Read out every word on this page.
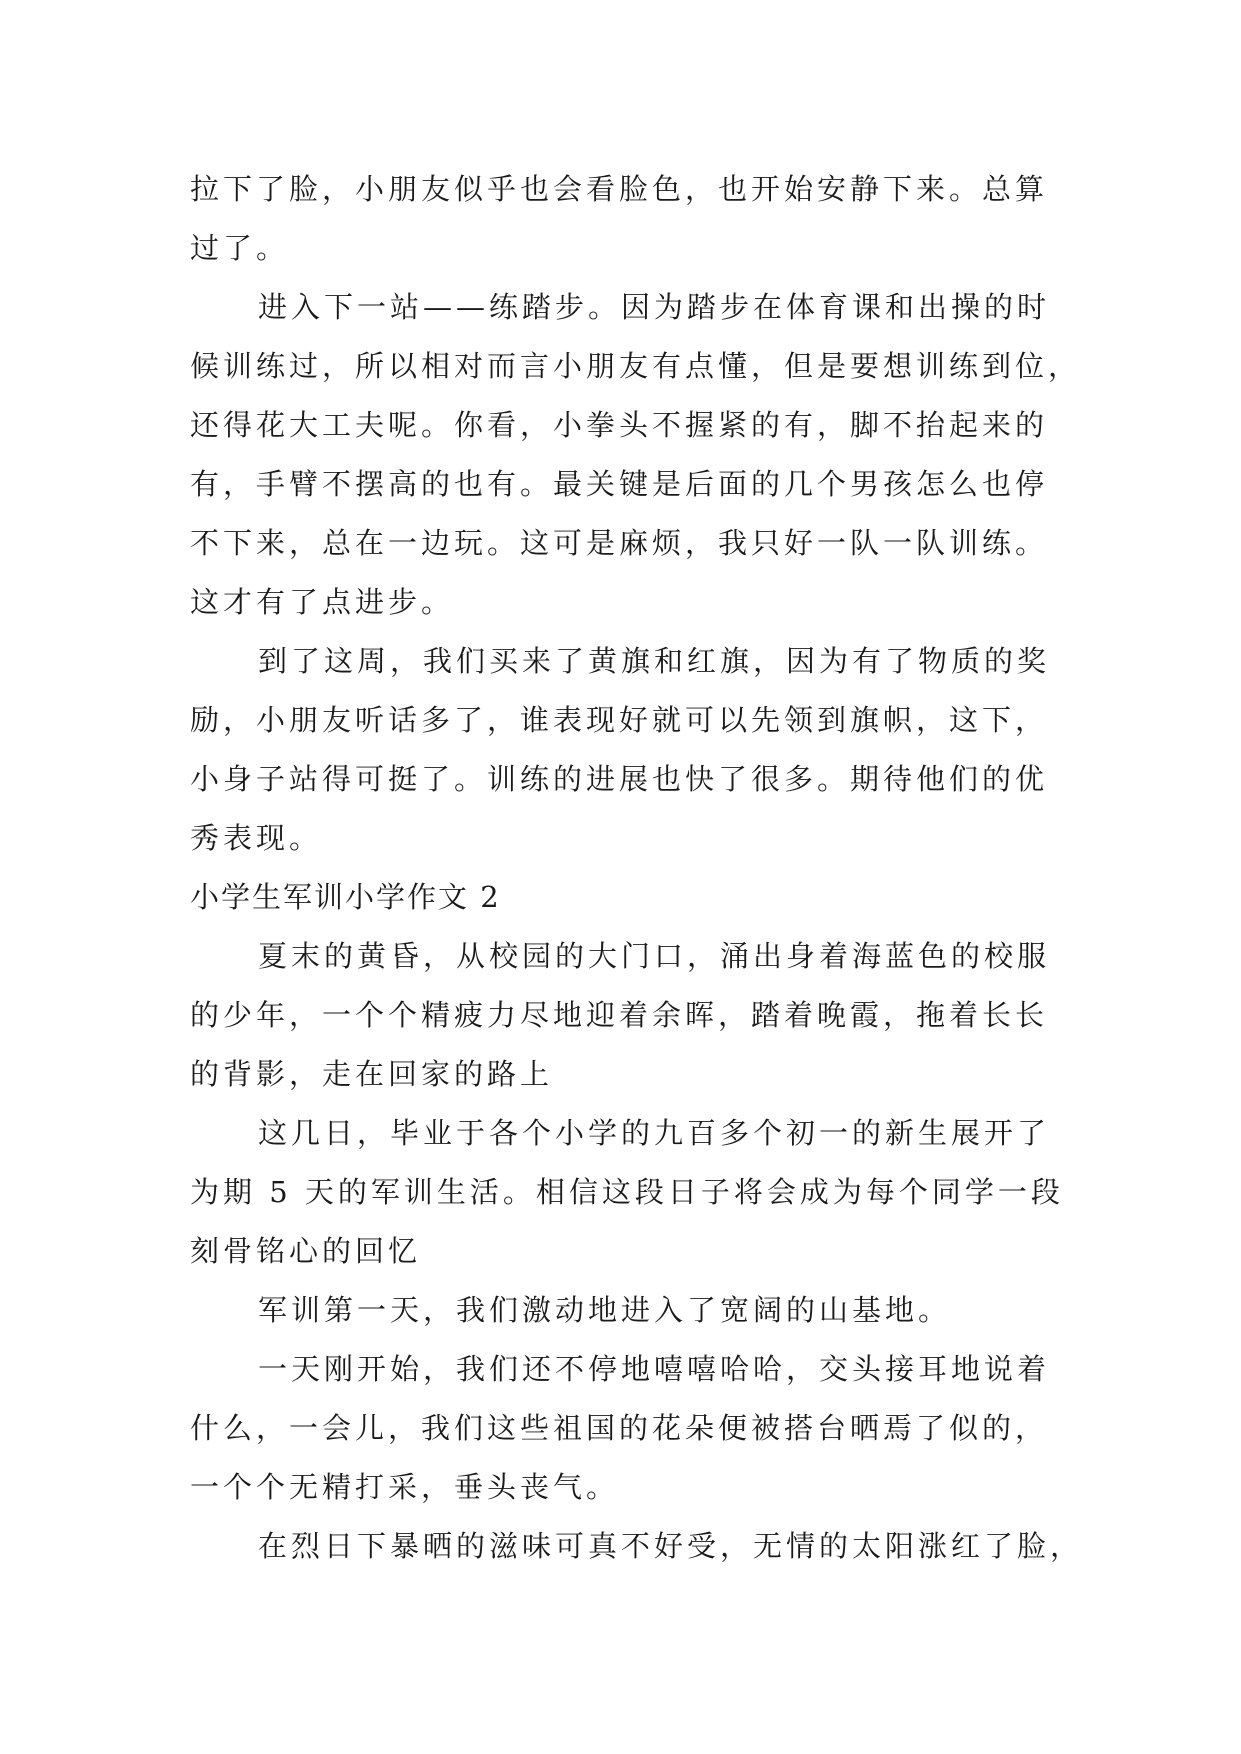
拉下了脸，小朋友似乎也会看脸色，也开始安静下来。总算
过了。
进入下一站——练踏步。因为踏步在体育课和出操的时
候训练过，所以相对而言小朋友有点懂，但是要想训练到位，
还得花大工夫呢。你看，小拳头不握紧的有，脚不抬起来的
有，手臂不摆高的也有。最关键是后面的几个男孩怎么也停
不下来，总在一边玩。这可是麻烦，我只好一队一队训练。
这才有了点进步。
到了这周，我们买来了黄旗和红旗，因为有了物质的奖
励，小朋友听话多了，谁表现好就可以先领到旗帜，这下，
小身子站得可挺了。训练的进展也快了很多。期待他们的优
秀表现。
小学生军训小学作文 2
夏末的黄昏，从校园的大门口，涌出身着海蓝色的校服
的少年，一个个精疲力尽地迎着余晖，踏着晚霞，拖着长长
的背影，走在回家的路上
这几日，毕业于各个小学的九百多个初一的新生展开了
为期 5 天的军训生活。相信这段日子将会成为每个同学一段
刻骨铭心的回忆
军训第一天，我们激动地进入了宽阔的山基地。
一天刚开始，我们还不停地嘻嘻哈哈，交头接耳地说着
什么，一会儿，我们这些祖国的花朵便被搭台晒焉了似的，
一个个无精打采，垂头丧气。
在烈日下暴晒的滋味可真不好受，无情的太阳涨红了脸，
